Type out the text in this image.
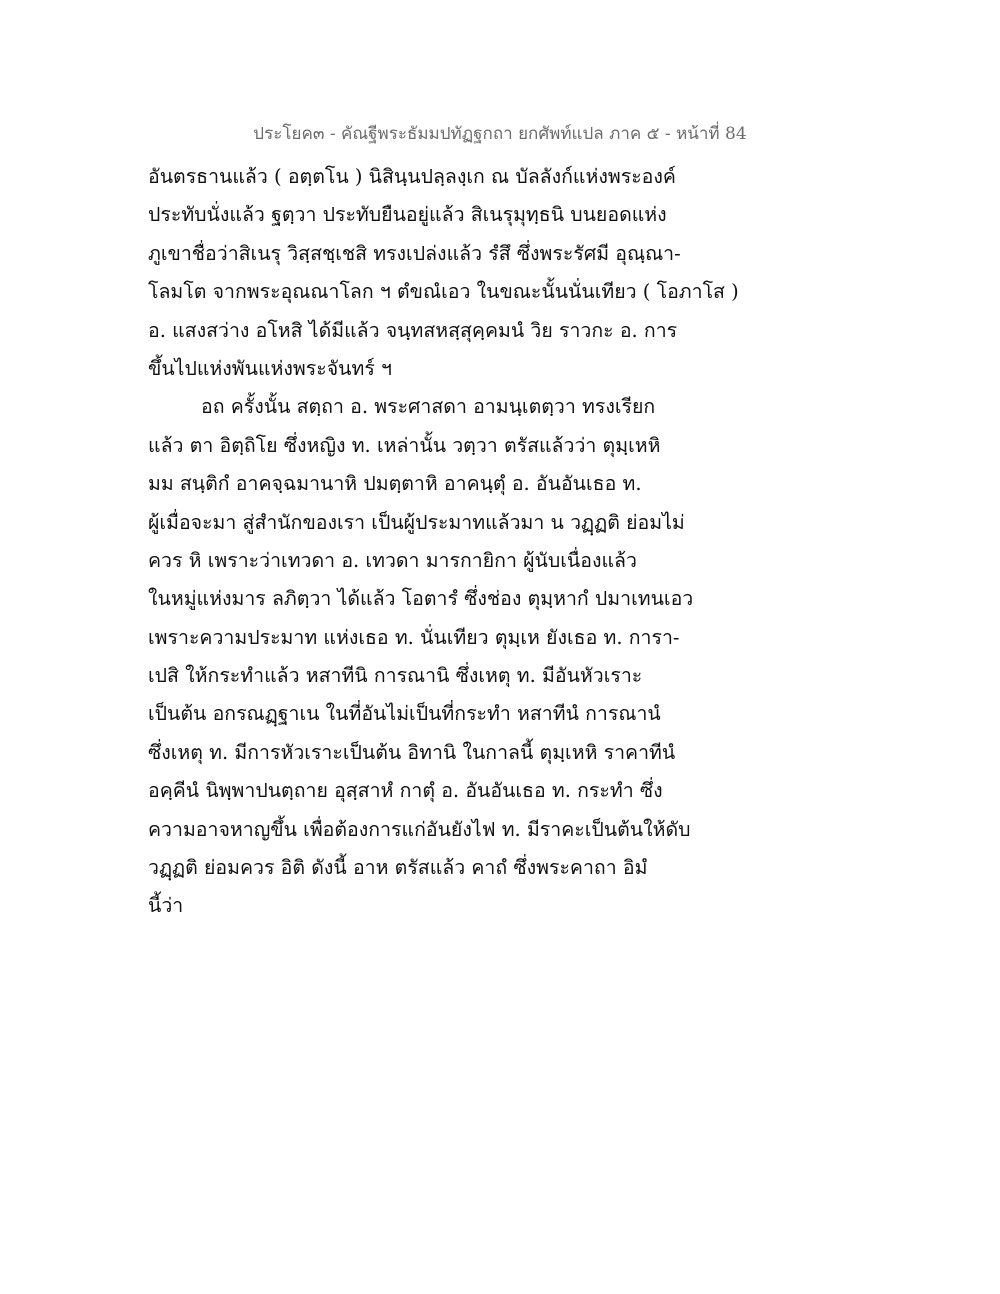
ประโยค๓ - คัณฐีพระธัมมปทัฏฐกถา ยกศัพท์แปล ภาค ๕ - หน้าที่ 84

อันตรธานแล้ว ( อตฺตโน ) นิสินฺนปลฺลงฺเก ณ บัลลังก์แห่งพระองค์
ประทับนั่งแล้ว ฐตฺวา ประทับยืนอยู่แล้ว สิเนรุมุทฺธนิ บนยอดแห่ง
ภูเขาชื่อว่าสิเนรุ วิสฺสชฺเชสิ ทรงเปล่งแล้ว รํสึ ซึ่งพระรัศมี อุณฺณา-
โลมโต จากพระอุณณาโลก ฯ ตํขณํเอว ในขณะนั้นนั่นเทียว ( โอภาโส )
อ. แสงสว่าง อโหสิ ได้มีแล้ว จนฺทสหสฺสุคฺคมนํ วิย ราวกะ อ. การ
ขึ้นไปแห่งพันแห่งพระจันทร์ ฯ

อถ ครั้งนั้น สตฺถา อ. พระศาสดา อามนฺเตตฺวา ทรงเรียก
แล้ว ตา อิตฺถิโย ซึ่งหญิง ท. เหล่านั้น วตฺวา ตรัสแล้วว่า ตุมฺเหหิ
มม สนฺติกํ อาคจฺฉมานาหิ ปมตฺตาหิ อาคนฺตุํ อ. อันอันเธอ ท.
ผู้เมื่อจะมา สู่สำนักของเรา เป็นผู้ประมาทแล้วมา น วฏฺฏติ ย่อมไม่
ควร หิ เพราะว่าเทวดา อ. เทวดา มารกายิกา ผู้นับเนื่องแล้ว
ในหมู่แห่งมาร ลภิตฺวา ได้แล้ว โอตารํ ซึ่งช่อง ตุมฺหากํ ปมาเทนเอว
เพราะความประมาท แห่งเธอ ท. นั่นเทียว ตุมฺเห ยังเธอ ท. การา-
เปสิ ให้กระทำแล้ว หสาทีนิ การณานิ ซึ่งเหตุ ท. มีอันหัวเราะ
เป็นต้น อกรณฏฺฐาเน ในที่อันไม่เป็นที่กระทำ หสาทีนํ การณานํ
ซึ่งเหตุ ท. มีการหัวเราะเป็นต้น อิทานิ ในกาลนี้ ตุมฺเหหิ ราคาทีนํ
อคฺคีนํ นิพฺพาปนตฺถาย อุสฺสาหํ กาตุํ อ. อันอันเธอ ท. กระทำ ซึ่ง
ความอาจหาญขึ้น เพื่อต้องการแก่อันยังไฟ ท. มีราคะเป็นต้นให้ดับ
วฏฺฏติ ย่อมควร อิติ ดังนี้ อาห ตรัสแล้ว คาถํ ซึ่งพระคาถา อิมํ
นี้ว่า
